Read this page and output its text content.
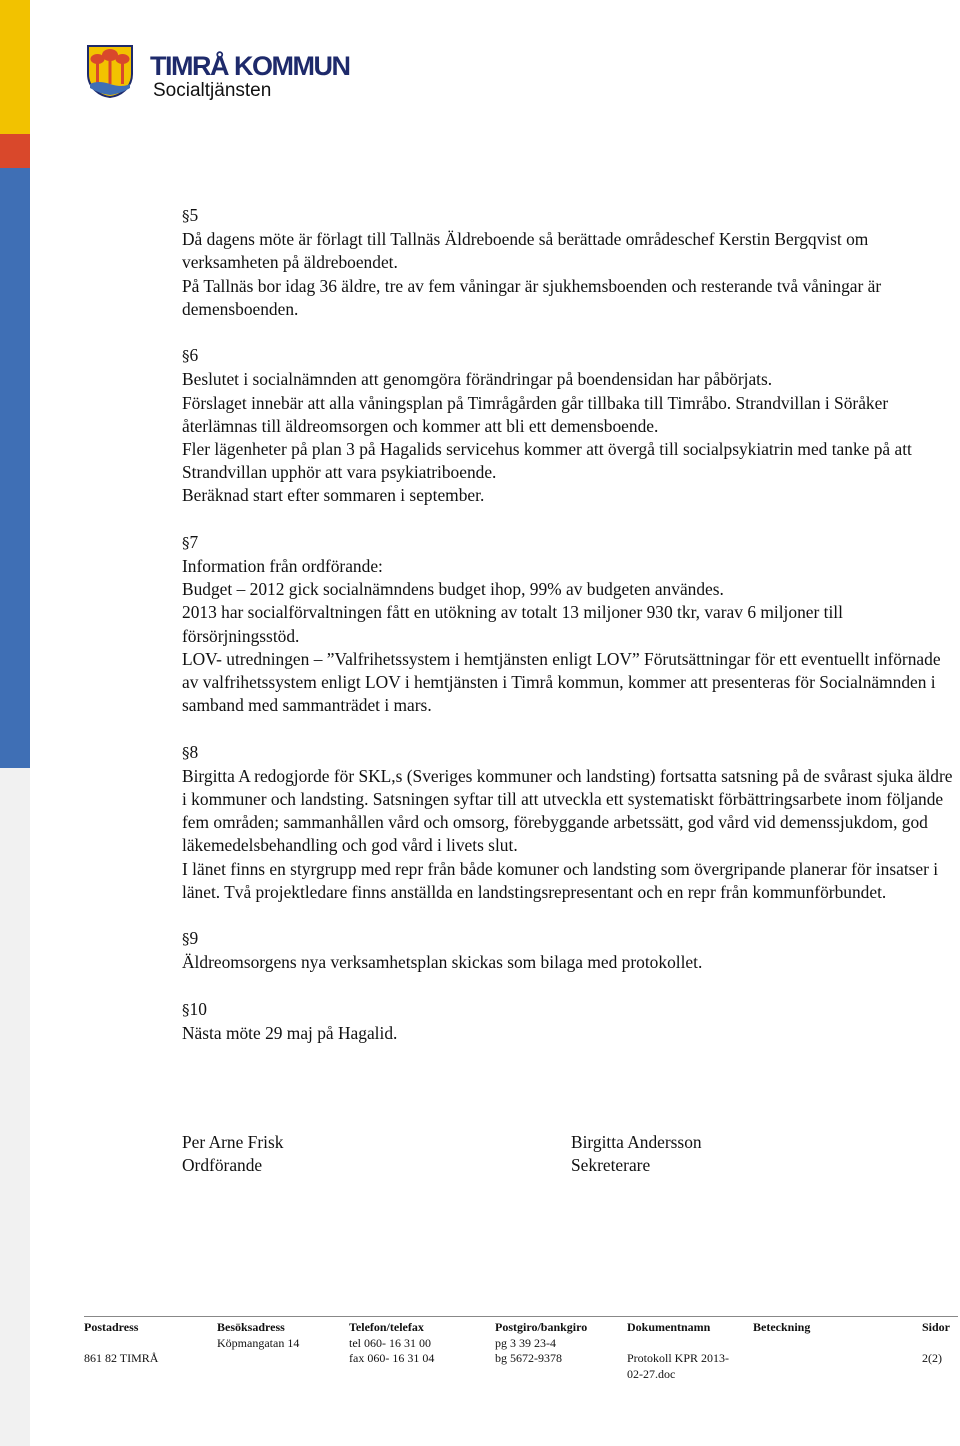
TIMRÅ KOMMUN
Socialtjänsten

§5

Då dagens möte är förlagt till Tallnäs Äldreboende så berättade områdeschef Kerstin Bergqvist om verksamheten på äldreboendet.

På Tallnäs bor idag 36 äldre, tre av fem våningar är sjukhemsboenden och resterande två våningar är demensboenden.

§6

Beslutet i socialnämnden att genomgöra förändringar på boendensidan har påbörjats.

Förslaget innebär att alla våningsplan på Timrågården går tillbaka till Timråbo. Strandvillan i Söråker återlämnas till äldreomsorgen och kommer att bli ett demensboende.

Fler lägenheter på plan 3 på Hagalids servicehus kommer att övergå till socialpsykiatrin med tanke på att Strandvillan upphör att vara psykiatriboende.

Beräknad start efter sommaren i september.

§7

Information från ordförande:

Budget – 2012 gick socialnämndens budget ihop, 99% av budgeten användes.

2013 har socialförvaltningen fått en utökning av totalt 13 miljoner 930 tkr, varav 6 miljoner till försörjningsstöd.

LOV- utredningen – ”Valfrihetssystem i hemtjänsten enligt LOV” Förutsättningar för ett eventuellt införnade av valfrihetssystem enligt LOV i hemtjänsten i Timrå kommun, kommer att presenteras för Socialnämnden i samband med sammanträdet i mars.

§8

Birgitta A redogjorde för SKL,s (Sveriges kommuner och landsting) fortsatta satsning på de svårast sjuka äldre i kommuner och landsting. Satsningen syftar till att utveckla ett systematiskt förbättringsarbete inom följande fem områden; sammanhållen vård och omsorg, förebyggande arbetssätt, god vård vid demenssjukdom, god läkemedelsbehandling och god vård i livets slut.

I länet finns en styrgrupp med repr från både komuner och landsting som övergripande planerar för insatser i länet. Två projektledare finns anställda en landstingsrepresentant och en repr från kommunförbundet.

§9

Äldreomsorgens nya verksamhetsplan skickas som bilaga med protokollet.

§10

Nästa möte 29 maj på Hagalid.

Per Arne Frisk
Ordförande
Birgitta Andersson
Sekreterare
Postadress

861 82 TIMRÅ
Besöksadress
Köpmangatan 14
Telefon/telefax
tel 060- 16 31 00
fax 060- 16 31 04
Postgiro/bankgiro
pg 3 39 23-4
bg 5672-9378
Dokumentnamn

Protokoll KPR 2013-
02-27.doc
Beteckning	Sidor

2(2)
